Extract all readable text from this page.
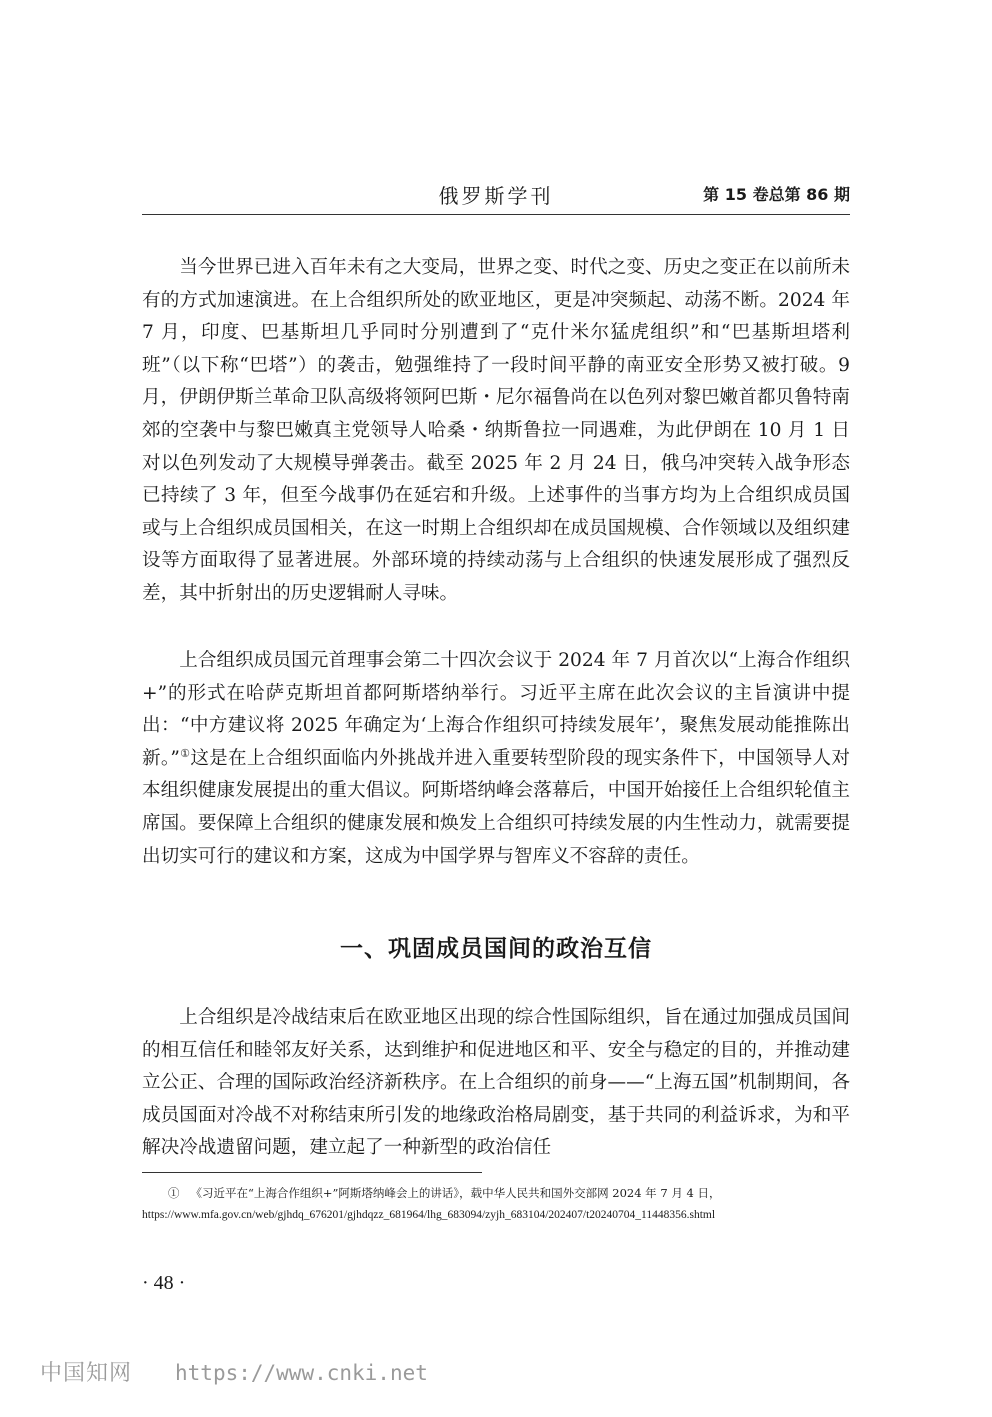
俄罗斯学刊	第 15 卷总第 86 期

当今世界已进入百年未有之大变局，世界之变、时代之变、历史之变正在以前所未有的方式加速演进。在上合组织所处的欧亚地区，更是冲突频起、动荡不断。2024 年 7 月，印度、巴基斯坦几乎同时分别遭到了“克什米尔猛虎组织”和“巴基斯坦塔利班”（以下称“巴塔”）的袭击，勉强维持了一段时间平静的南亚安全形势又被打破。9 月，伊朗伊斯兰革命卫队高级将领阿巴斯・尼尔福鲁尚在以色列对黎巴嫩首都贝鲁特南郊的空袭中与黎巴嫩真主党领导人哈桑・纳斯鲁拉一同遇难，为此伊朗在 10 月 1 日对以色列发动了大规模导弹袭击。截至 2025 年 2 月 24 日，俄乌冲突转入战争形态已持续了 3 年，但至今战事仍在延宕和升级。上述事件的当事方均为上合组织成员国或与上合组织成员国相关，在这一时期上合组织却在成员国规模、合作领域以及组织建设等方面取得了显著进展。外部环境的持续动荡与上合组织的快速发展形成了强烈反差，其中折射出的历史逻辑耐人寻味。

上合组织成员国元首理事会第二十四次会议于 2024 年 7 月首次以“上海合作组织+”的形式在哈萨克斯坦首都阿斯塔纳举行。习近平主席在此次会议的主旨演讲中提出：“中方建议将 2025 年确定为‘上海合作组织可持续发展年’，聚焦发展动能推陈出新。”①这是在上合组织面临内外挑战并进入重要转型阶段的现实条件下，中国领导人对本组织健康发展提出的重大倡议。阿斯塔纳峰会落幕后，中国开始接任上合组织轮值主席国。要保障上合组织的健康发展和焕发上合组织可持续发展的内生性动力，就需要提出切实可行的建议和方案，这成为中国学界与智库义不容辞的责任。

一、巩固成员国间的政治互信

上合组织是冷战结束后在欧亚地区出现的综合性国际组织，旨在通过加强成员国间的相互信任和睦邻友好关系，达到维护和促进地区和平、安全与稳定的目的，并推动建立公正、合理的国际政治经济新秩序。在上合组织的前身——“上海五国”机制期间，各成员国面对冷战不对称结束所引发的地缘政治格局剧变，基于共同的利益诉求，为和平解决冷战遗留问题，建立起了一种新型的政治信任

① 《习近平在“上海合作组织+”阿斯塔纳峰会上的讲话》，载中华人民共和国外交部网 2024 年 7 月 4 日，
https://www.mfa.gov.cn/web/gjhdq_676201/gjhdqzz_681964/lhg_683094/zyjh_683104/202407/t20240704_11448356.shtml
· 48 ·
中国知网 https://www.cnki.net
